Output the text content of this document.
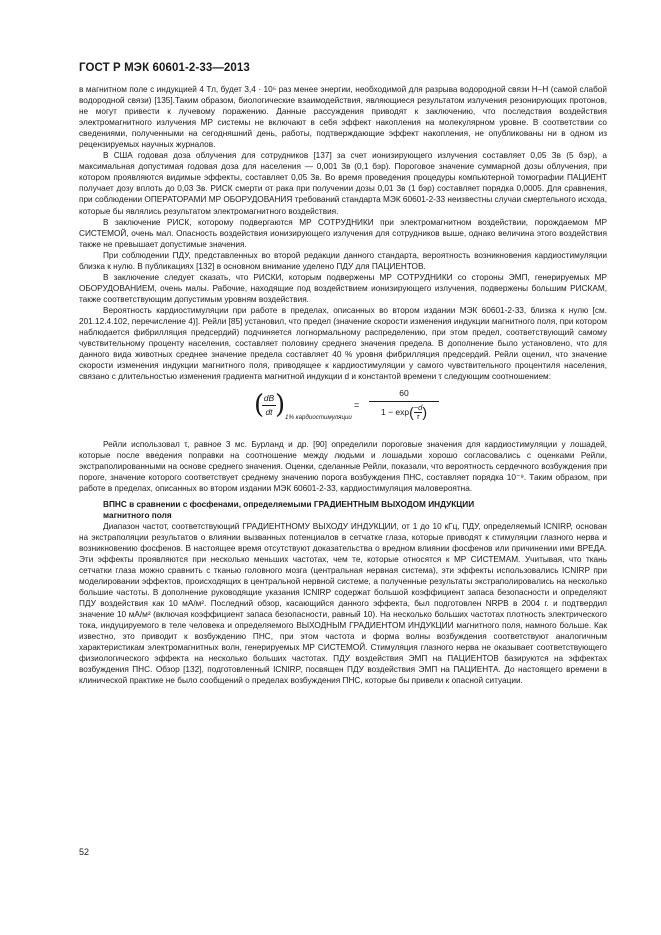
ГОСТ Р МЭК 60601-2-33—2013

в магнитном поле с индукцией 4 Тл, будет 3,4 · 10⁵ раз менее энергии, необходимой для разрыва водородной связи Н–Н (самой слабой водородной связи) [135].Таким образом, биологические взаимодействия, являющиеся результатом излучения резонирующих протонов, не могут привести к лучевому поражению. Данные рассуждения приводят к заключению, что последствия воздействия электромагнитного излучения МР системы не включают в себя эффект накопления на молекулярном уровне. В соответствии со сведениями, полученными на сегодняшний день, работы, подтверждающие эффект накопления, не опубликованы ни в одном из рецензируемых научных журналов.

В США годовая доза облучения для сотрудников [137] за счет ионизирующего излучения составляет 0,05 Зв (5 бэр), а максимальная допустимая годовая доза для населения — 0,001 Зв (0,1 бэр). Пороговое значение суммарной дозы облучения, при котором проявляются видимые эффекты, составляет 0,05 Зв. Во время проведения процедуры компьютерной томографии ПАЦИЕНТ получает дозу вплоть до 0,03 Зв. РИСК смерти от рака при получении дозы 0,01 Зв (1 бэр) составляет порядка 0,0005. Для сравнения, при соблюдении ОПЕРАТОРАМИ МР ОБОРУДОВАНИЯ требований стандарта МЭК 60601-2-33 неизвестны случаи смертельного исхода, которые бы являлись результатом электромагнитного воздействия.

В заключение РИСК, которому подвергаются МР СОТРУДНИКИ при электромагнитном воздействии, порождаемом МР СИСТЕМОЙ, очень мал. Опасность воздействия ионизирующего излучения для сотрудников выше, однако величина этого воздействия также не превышает допустимые значения.

При соблюдении ПДУ, представленных во второй редакции данного стандарта, вероятность возникновения кардиостимуляции близка к нулю. В публикациях [132] в основном внимание уделено ПДУ для ПАЦИЕНТОВ.

В заключение следует сказать, что РИСКИ, которым подвержены МР СОТРУДНИКИ со стороны ЭМП, генерируемых МР ОБОРУДОВАНИЕМ, очень малы. Рабочие, находящие под воздействием ионизирующего излучения, подвержены большим РИСКАМ, также соответствующим допустимым уровням воздействия.

Вероятность кардиостимуляции при работе в пределах, описанных во втором издании МЭК 60601-2-33, близка к нулю [см. 201.12.4.102, перечисление 4)]. Рейли [85] установил, что предел (значение скорости изменения индукции магнитного поля, при котором наблюдается фибрилляция предсердий) подчиняется логнормальному распределению, при этом предел, соответствующий самому чувствительному проценту населения, составляет половину среднего значения предела. В дополнение было установлено, что для данного вида животных среднее значение предела составляет 40 % уровня фибрилляция предсердий. Рейли оценил, что значение скорости изменения индукции магнитного поля, приводящее к кардиостимуляции у самого чувствительного процентиля населения, связано с длительностью изменения градиента магнитной индукции d и константой времени τ следующим соотношением:

(
$\frac{dB}{dt}$ ) 1% кардиостимуляции
= $\frac{60}{1 - \exp( \frac{-d}{\tau} )}$

Рейли использовал τ, равное 3 мс. Бурланд и др. [90] определили пороговые значения для кардиостимуляции у лошадей, которые после введения поправки на соотношение между людьми и лошадьми хорошо согласовались с оценками Рейли, экстраполированными на основе среднего значения. Оценки, сделанные Рейли, показали, что вероятность сердечного возбуждения при пороге, значение которого соответствует среднему значению порога возбуждения ПНС, составляет порядка 10⁻⁹. Таким образом, при работе в пределах, описанных во втором издании МЭК 60601-2-33, кардиостимуляция маловероятна.

ВПНС в сравнении с фосфенами, определяемыми ГРАДИЕНТНЫМ ВЫХОДОМ ИНДУКЦИИ
магнитного поля

Диапазон частот, соответствующий ГРАДИЕНТНОМУ ВЫХОДУ ИНДУКЦИИ, от 1 до 10 кГц, ПДУ, определяемый ICNIRP, основан на экстраполяции результатов о влиянии вызванных потенциалов в сетчатке глаза, которые приводят к стимуляции глазного нерва и возникновению фосфенов. В настоящее время отсутствуют доказательства о вредном влиянии фосфенов или причинении ими ВРЕДА. Эти эффекты проявляются при несколько меньших частотах, чем те, которые относятся к МР СИСТЕМАМ. Учитывая, что ткань сетчатки глаза можно сравнить с тканью головного мозга (центральная нервная система), эти эффекты использовались ICNIRP при моделировании эффектов, происходящих в центральной нервной системе, а полученные результаты экстраполировались на несколько большие частоты. В дополнение руководящие указания ICNIRP содержат большой коэффициент запаса безопасности и определяют ПДУ воздействия как 10 мА/м². Последний обзор, касающийся данного эффекта, был подготовлен NRPB в 2004 г. и подтвердил значение 10 мА/м² (включая коэффициент запаса безопасности, равный 10). На несколько больших частотах плотность электрического тока, индуцируемого в теле человека и определяемого ВЫХОДНЫМ ГРАДИЕНТОМ ИНДУКЦИИ магнитного поля, намного больше. Как известно, это приводит к возбуждению ПНС, при этом частота и форма волны возбуждения соответствуют аналогичным характеристикам электромагнитных волн, генерируемых МР СИСТЕМОЙ. Стимуляция глазного нерва не оказывает соответствующего физиологического эффекта на несколько больших частотах. ПДУ воздействия ЭМП на ПАЦИЕНТОВ базируются на эффектах возбуждения ПНС. Обзор [132], подготовленный ICNIRP, посвящен ПДУ воздействия ЭМП на ПАЦИЕНТА. До настоящего времени в клинической практике не было сообщений о пределах возбуждения ПНС, которые бы привели к опасной ситуации.

52
